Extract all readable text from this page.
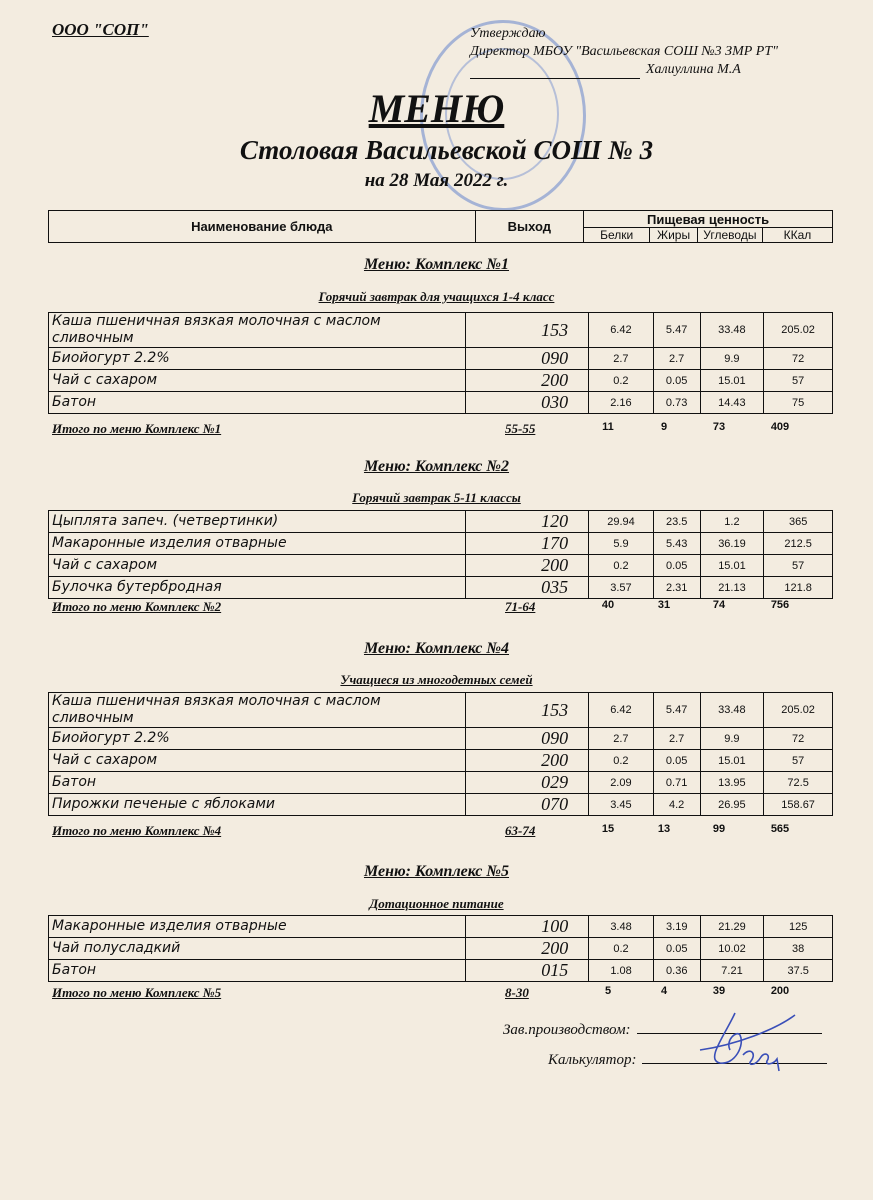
ООО "СОП"	Утверждаю
Директор МБОУ "Васильевская СОШ №3 ЗМР РТ"
Халиуллина М.А
МЕНЮ
Столовая Васильевской СОШ № 3
на 28 Мая 2022 г.
Наименование блюда	Выход	Пищевая ценность			
		Белки	Жиры	Углеводы	ККал
Меню: Комплекс №1
Горячий завтрак для учащихся 1-4 класс
Каша пшеничная вязкая молочная с маслом сливочным	153	6.42	5.47	33.48	205.02
Биойогурт 2.2%	090	2.7	2.7	9.9	72
Чай с сахаром	200	0.2	0.05	15.01	57
Батон	030	2.16	0.73	14.43	75
Итого по меню Комплекс №1	55-55	11	9	73	409
Меню: Комплекс №2
Горячий завтрак 5-11 классы
Цыплята запеч. (четвертинки)	120	29.94	23.5	1.2	365
Макаронные изделия отварные	170	5.9	5.43	36.19	212.5
Чай с сахаром	200	0.2	0.05	15.01	57
Булочка бутербродная	035	3.57	2.31	21.13	121.8
Итого по меню Комплекс №2	71-64	40	31	74	756
Меню: Комплекс №4
Учащиеся из многодетных семей
Каша пшеничная вязкая молочная с маслом сливочным	153	6.42	5.47	33.48	205.02
Биойогурт 2.2%	090	2.7	2.7	9.9	72
Чай с сахаром	200	0.2	0.05	15.01	57
Батон	029	2.09	0.71	13.95	72.5
Пирожки печеные с яблоками	070	3.45	4.2	26.95	158.67
Итого по меню Комплекс №4	63-74	15	13	99	565
Меню: Комплекс №5
Дотационное питание
Макаронные изделия отварные	100	3.48	3.19	21.29	125
Чай полусладкий	200	0.2	0.05	10.02	38
Батон	015	1.08	0.36	7.21	37.5
Итого по меню Комплекс №5	8-30	5	4	39	200
Зав.производством:
Калькулятор:
